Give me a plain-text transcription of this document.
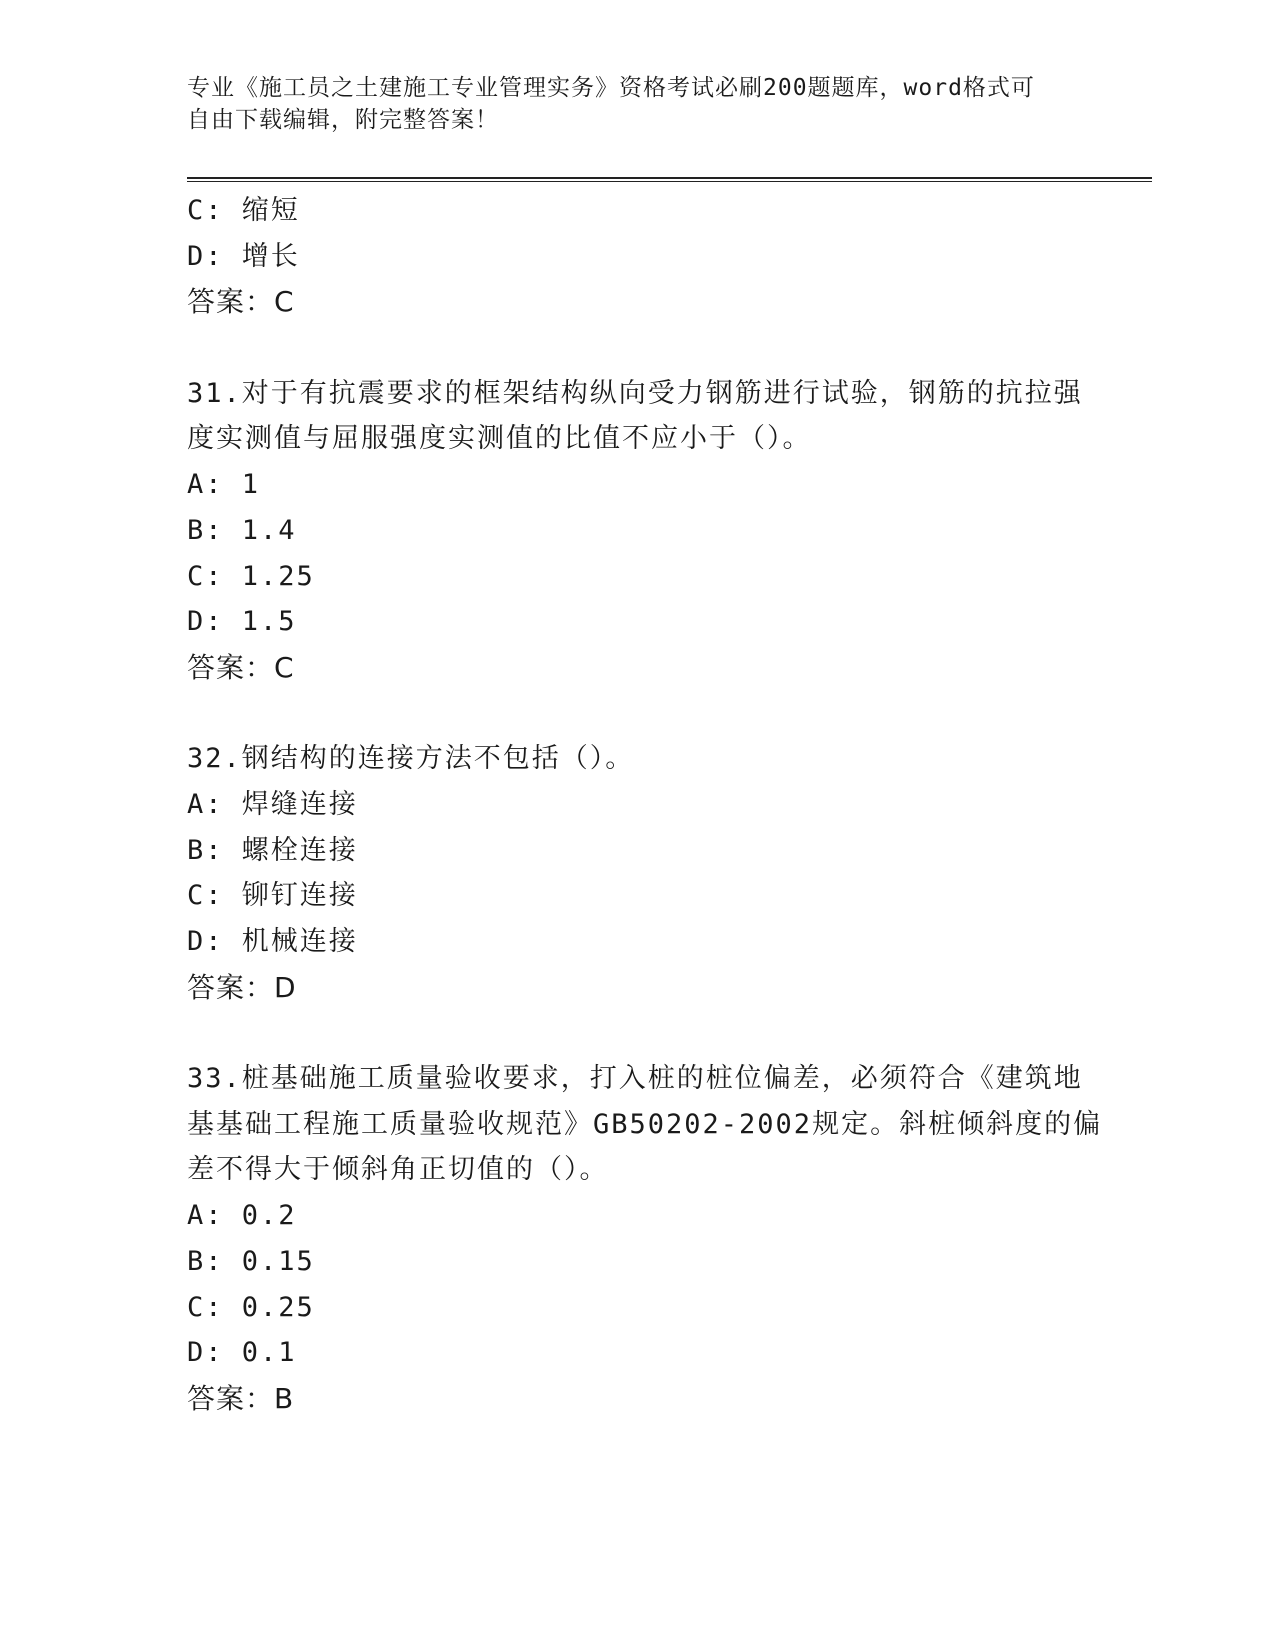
专业《施工员之土建施工专业管理实务》资格考试必刷200题题库，word格式可
自由下载编辑，附完整答案！
C: 缩短
D: 增长
答案：C
31.对于有抗震要求的框架结构纵向受力钢筋进行试验，钢筋的抗拉强
度实测值与屈服强度实测值的比值不应小于（）。
A: 1
B: 1.4
C: 1.25
D: 1.5
答案：C
32.钢结构的连接方法不包括（）。
A: 焊缝连接
B: 螺栓连接
C: 铆钉连接
D: 机械连接
答案：D
33.桩基础施工质量验收要求，打入桩的桩位偏差，必须符合《建筑地
基基础工程施工质量验收规范》GB50202-2002规定。斜桩倾斜度的偏
差不得大于倾斜角正切值的（）。
A: 0.2
B: 0.15
C: 0.25
D: 0.1
答案：B
